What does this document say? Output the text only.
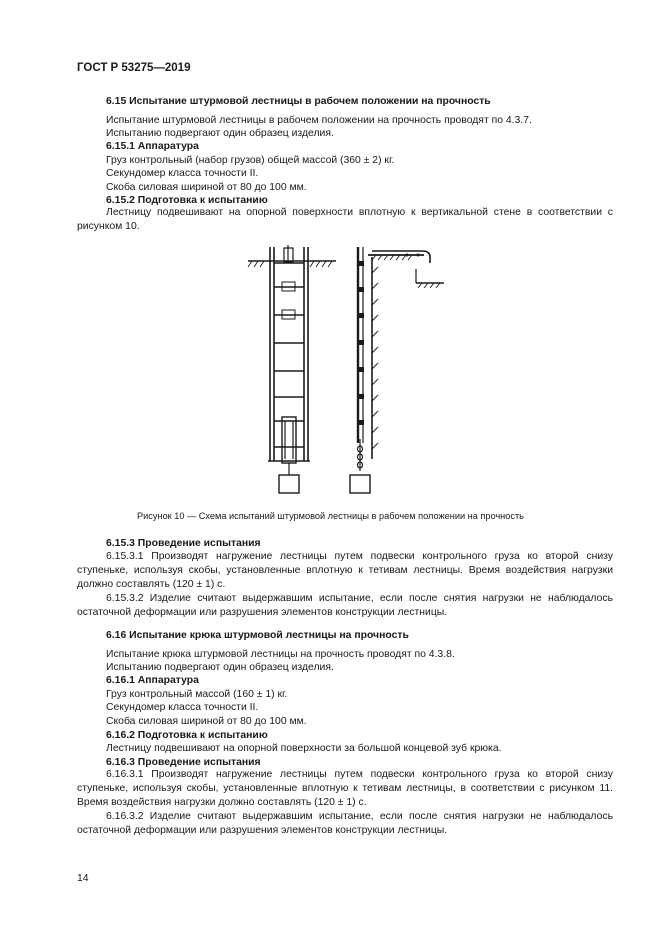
ГОСТ Р 53275—2019
6.15 Испытание штурмовой лестницы в рабочем положении на прочность
Испытание штурмовой лестницы в рабочем положении на прочность проводят по 4.3.7.
Испытанию подвергают один образец изделия.
6.15.1 Аппаратура
Груз контрольный (набор грузов) общей массой (360 ± 2) кг.
Секундомер класса точности II.
Скоба силовая шириной от 80 до 100 мм.
6.15.2 Подготовка к испытанию
Лестницу подвешивают на опорной поверхности вплотную к вертикальной стене в соответствии с рисунком 10.
Рисунок 10 — Схема испытаний штурмовой лестницы в рабочем положении на прочность
6.15.3 Проведение испытания
6.15.3.1 Производят нагружение лестницы путем подвески контрольного груза ко второй снизу ступеньке, используя скобы, установленные вплотную к тетивам лестницы. Время воздействия нагрузки должно составлять (120 ± 1) с.
6.15.3.2 Изделие считают выдержавшим испытание, если после снятия нагрузки не наблюдалось остаточной деформации или разрушения элементов конструкции лестницы.
6.16 Испытание крюка штурмовой лестницы на прочность
Испытание крюка штурмовой лестницы на прочность проводят по 4.3.8.
Испытанию подвергают один образец изделия.
6.16.1 Аппаратура
Груз контрольный массой (160 ± 1) кг.
Секундомер класса точности II.
Скоба силовая шириной от 80 до 100 мм.
6.16.2 Подготовка к испытанию
Лестницу подвешивают на опорной поверхности за большой концевой зуб крюка.
6.16.3 Проведение испытания
6.16.3.1 Производят нагружение лестницы путем подвески контрольного груза ко второй снизу ступеньке, используя скобы, установленные вплотную к тетивам лестницы, в соответствии с рисунком 11. Время воздействия нагрузки должно составлять (120 ± 1) с.
6.16.3.2 Изделие считают выдержавшим испытание, если после снятия нагрузки не наблюдалось остаточной деформации или разрушения элементов конструкции лестницы.
14
